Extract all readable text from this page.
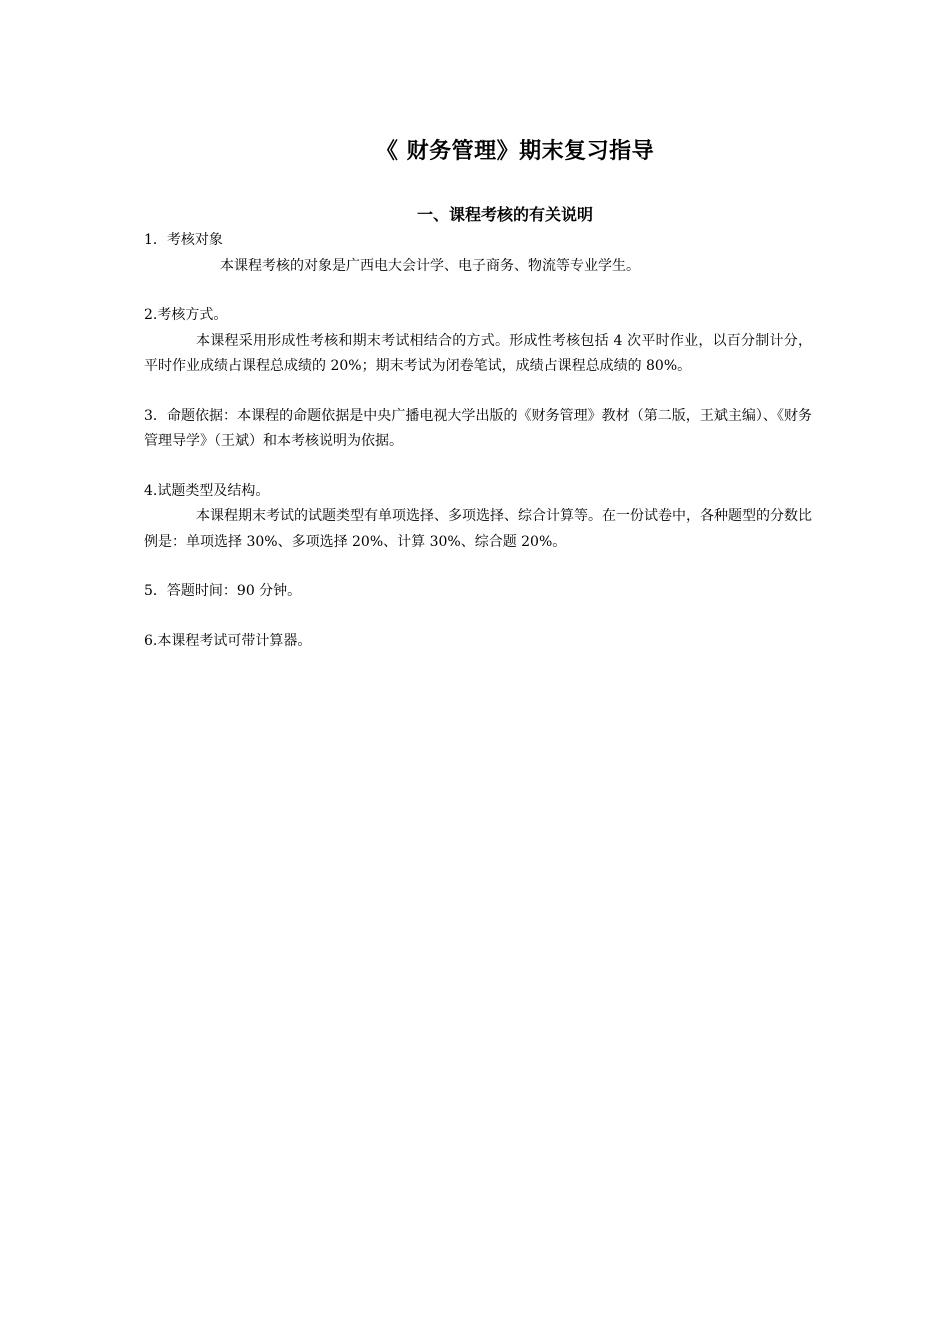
《 财务管理》期末复习指导
一、课程考核的有关说明

1．考核对象

本课程考核的对象是广西电大会计学、电子商务、物流等专业学生。

2.考核方式。

本课程采用形成性考核和期末考试相结合的方式。形成性考核包括 4 次平时作业，以百分制计分，平时作业成绩占课程总成绩的 20%；期末考试为闭卷笔试，成绩占课程总成绩的 80%。

3．命题依据：本课程的命题依据是中央广播电视大学出版的《财务管理》教材（第二版，王斌主编）、《财务管理导学》（王斌）和本考核说明为依据。

4.试题类型及结构。

本课程期末考试的试题类型有单项选择、多项选择、综合计算等。在一份试卷中，各种题型的分数比例是：单项选择 30%、多项选择 20%、计算 30%、综合题 20%。

5．答题时间：90 分钟。

6.本课程考试可带计算器。
